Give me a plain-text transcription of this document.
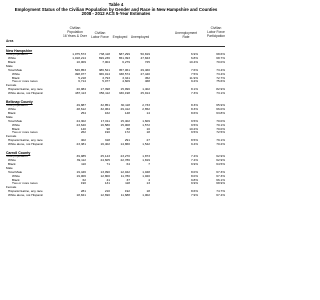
Table 4
Employment Status of the Civilian Population by Gender and Race in New Hampshire and Counties
2008 - 2012 ACS 5-Year Estimates
Civilian
Population
16 Years & Over
Civilian
Labor Force
	Employed
	Unemployed
Unemployment
Rate
Civilian
Labor Force
Participation
Area
New Hampshire
Total population	1,075,573	738,118	687,299	50,819	6.9%	68.6%
White	1,018,214	699,236	651,393	47,843	6.8%	68.7%
Black	10,009	7,004	6,279	725	10.4%	70.0%
Male
Total Male	526,853	386,521	357,061	29,460	7.6%	73.4%
White	498,977	366,014	338,574	27,440	7.5%	73.4%
Black	5,218	3,793	3,341	452	11.9%	72.7%
Two or more races	6,714	5,077	4,609	468	9.2%	75.6%
Female
Hispanic/Latino, any race	20,984	17,398	15,996	1,402	8.1%	82.9%
White alone, not Hispanic	487,113	356,112	330,198	25,914	7.3%	73.1%
Belknap County
Total population	49,887	32,851	30,118	2,733	8.3%	65.9%
White	48,612	32,064	29,412	2,652	8.3%	66.0%
Black	254	162	148	14	8.6%	63.8%
Male
Total Male	24,302	17,011	15,402	1,609	9.5%	70.0%
White	23,640	16,580	15,008	1,572	9.5%	70.1%
Black	140	98	88	10	10.2%	70.0%
Two or more races	262	190	172	18	9.5%	72.5%
Female
Hispanic/Latino, any race	402	318	291	27	8.5%	79.1%
White alone, not Hispanic	23,381	16,402	14,860	1,542	9.4%	70.2%
Carroll County
Total population	39,985	25,143	23,270	1,873	7.4%	62.9%
White	39,112	24,605	22,786	1,819	7.4%	62.9%
Black	110	71	64	7	9.9%	64.5%
Male
Total Male	19,446	13,090	12,042	1,048	8.0%	67.3%
White	19,006	12,800	11,780	1,020	8.0%	67.3%
Black	62	41	37	4	9.8%	66.1%
Two or more races	190	131	118	13	9.9%	68.9%
Female
Hispanic/Latino, any race	281	210	192	18	8.6%	74.7%
White alone, not Hispanic	18,841	12,690	11,688	1,002	7.9%	67.4%
